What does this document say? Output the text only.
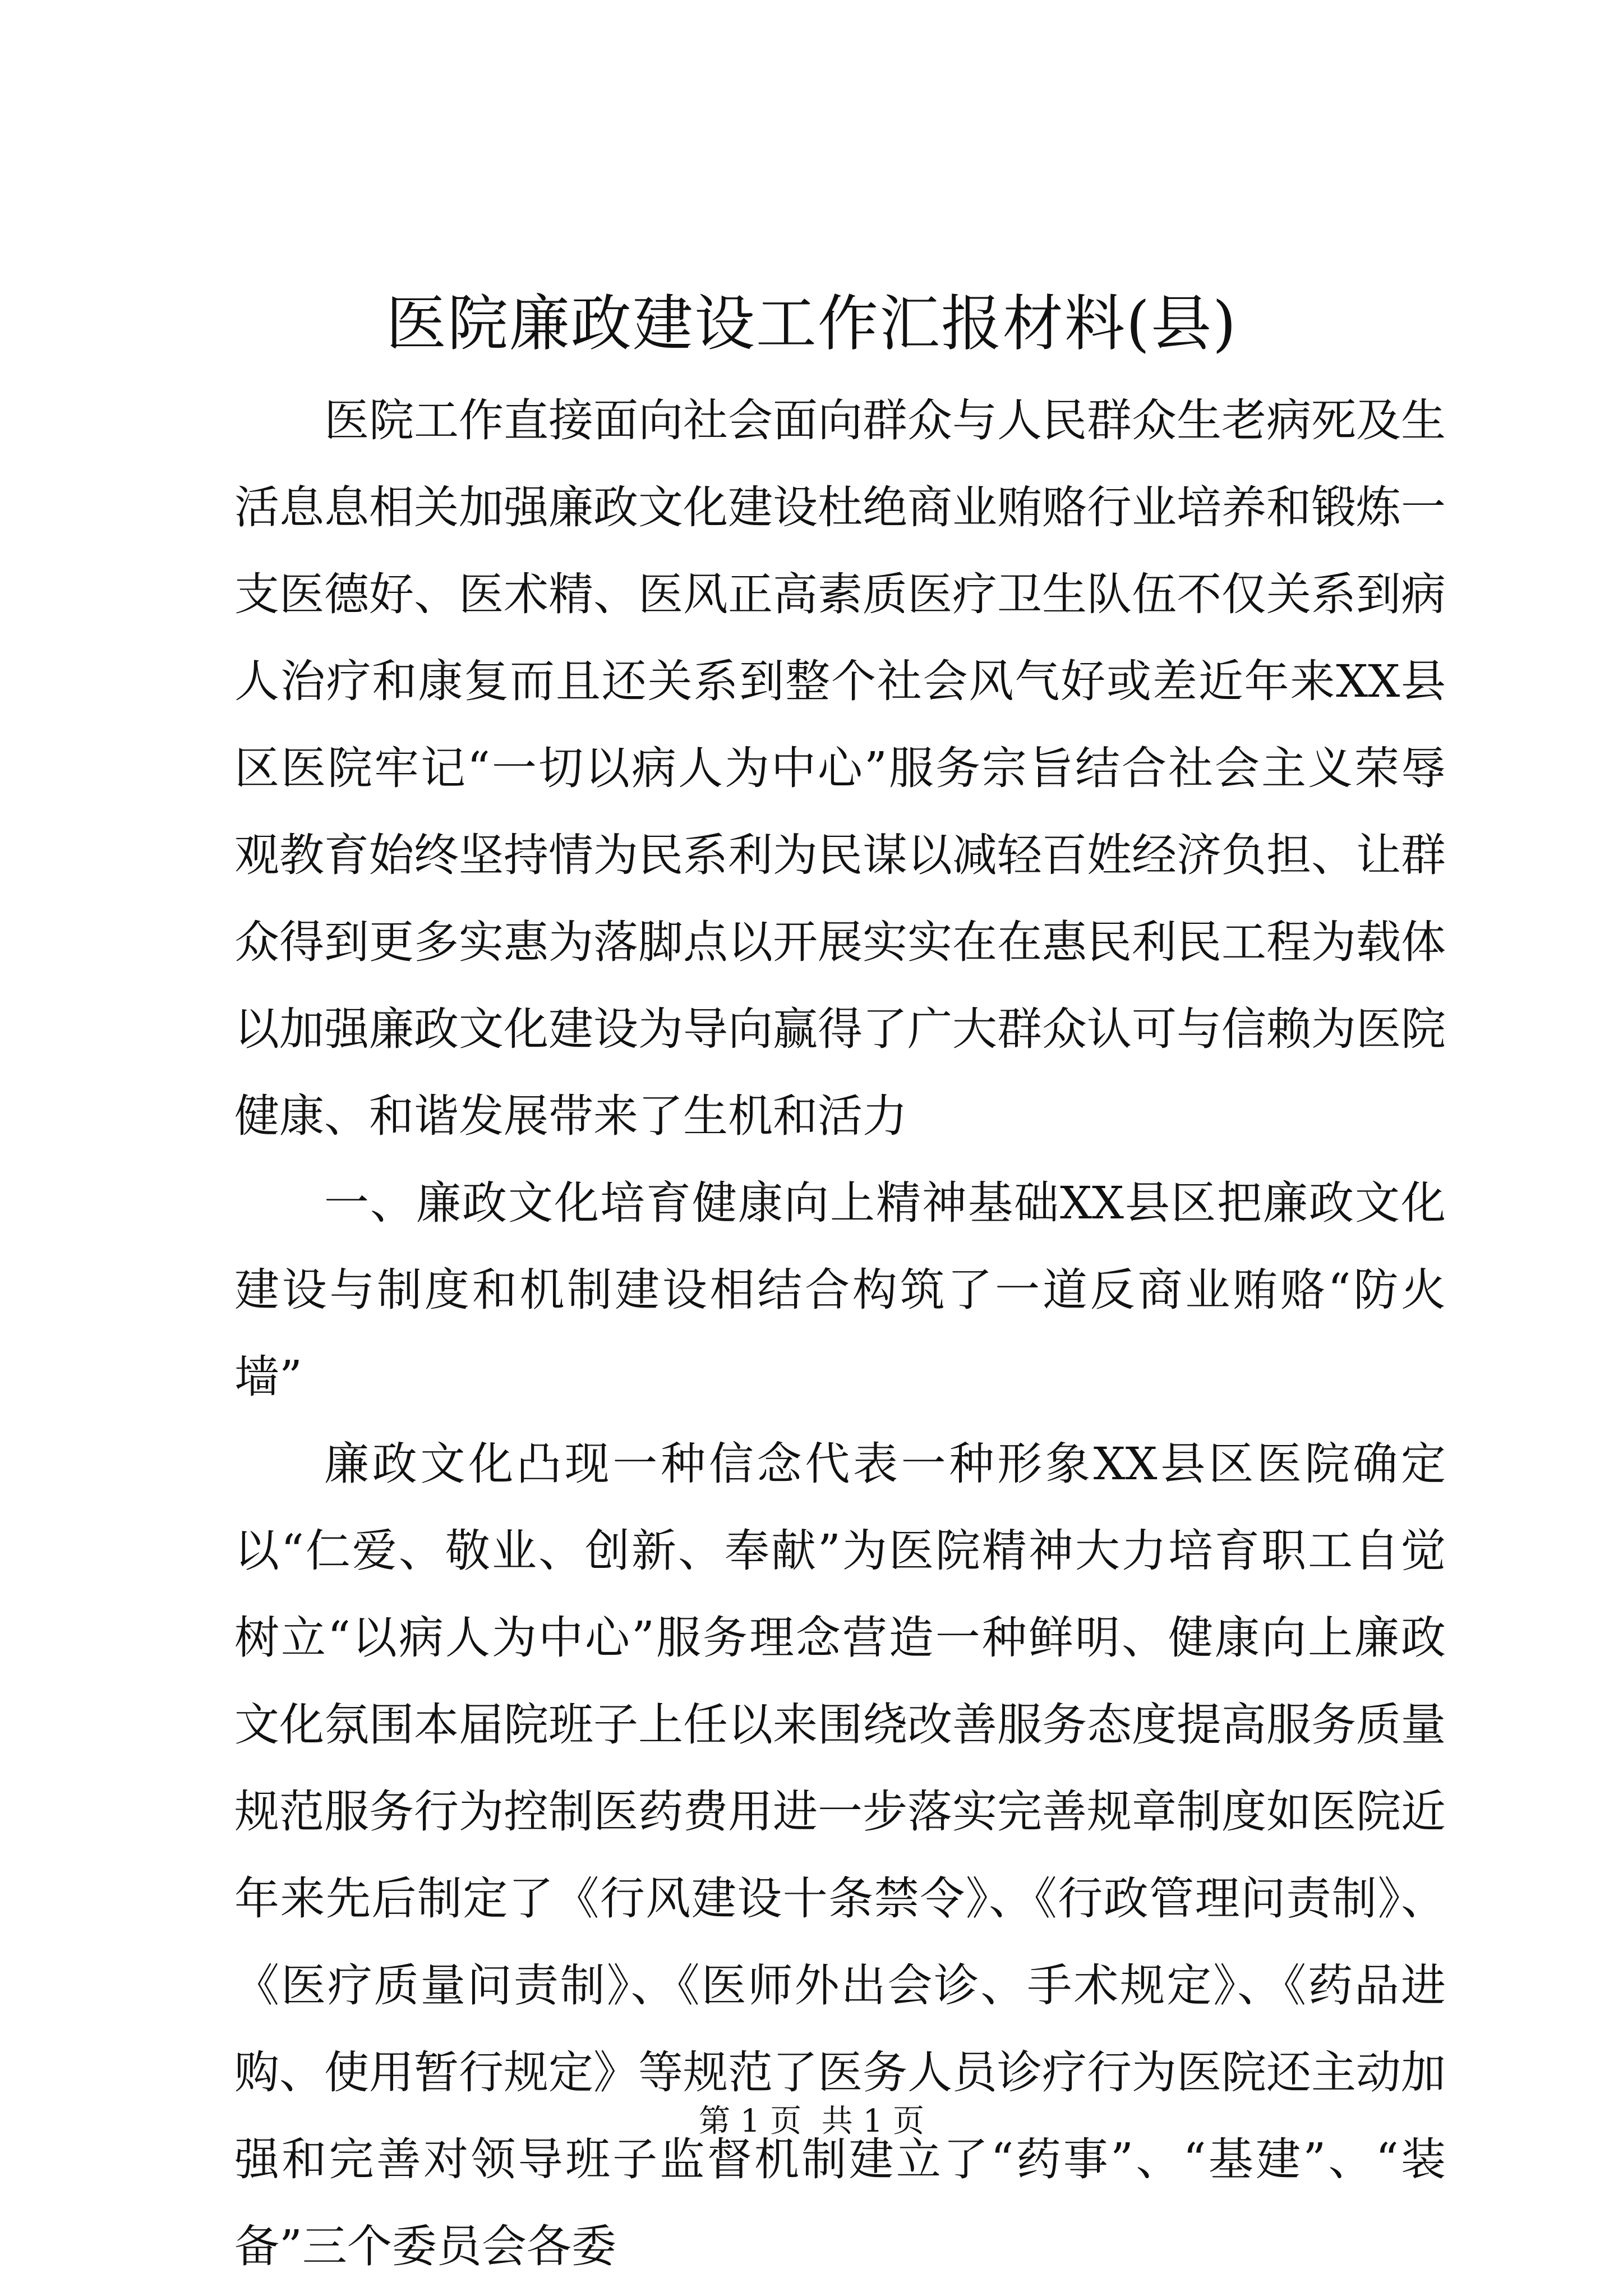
医院廉政建设工作汇报材料(县)

医院工作直接面向社会面向群众与人民群众生老病死及生活息息相关加强廉政文化建设杜绝商业贿赂行业培养和锻炼一支医德好、医术精、医风正高素质医疗卫生队伍不仅关系到病人治疗和康复而且还关系到整个社会风气好或差近年来XX县区医院牢记“一切以病人为中心”服务宗旨结合社会主义荣辱观教育始终坚持情为民系利为民谋以减轻百姓经济负担、让群众得到更多实惠为落脚点以开展实实在在惠民利民工程为载体以加强廉政文化建设为导向赢得了广大群众认可与信赖为医院健康、和谐发展带来了生机和活力

一、廉政文化培育健康向上精神基础XX县区把廉政文化建设与制度和机制建设相结合构筑了一道反商业贿赂“防火墙”

廉政文化凸现一种信念代表一种形象XX县区医院确定以“仁爱、敬业、创新、奉献”为医院精神大力培育职工自觉树立“以病人为中心”服务理念营造一种鲜明、健康向上廉政文化氛围本届院班子上任以来围绕改善服务态度提高服务质量规范服务行为控制医药费用进一步落实完善规章制度如医院近年来先后制定了《行风建设十条禁令》、《行政管理问责制》、《医疗质量问责制》、《医师外出会诊、手术规定》、《药品进购、使用暂行规定》等规范了医务人员诊疗行为医院还主动加强和完善对领导班子监督机制建立了“药事”、“基建”、“装备”三个委员会各委

第 1 页  共 1 页
